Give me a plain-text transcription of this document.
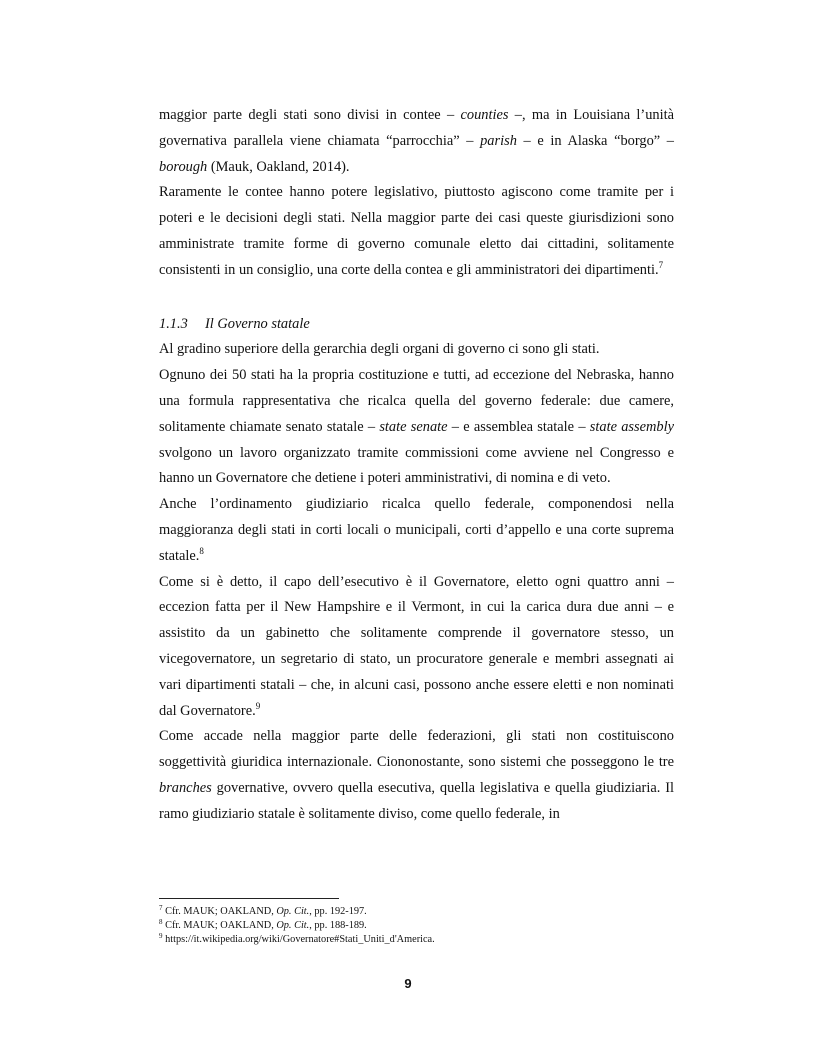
maggior parte degli stati sono divisi in contee – counties –, ma in Louisiana l’unità governativa parallela viene chiamata “parrocchia” – parish – e in Alaska “borgo” – borough (Mauk, Oakland, 2014).

Raramente le contee hanno potere legislativo, piuttosto agiscono come tramite per i poteri e le decisioni degli stati. Nella maggior parte dei casi queste giurisdizioni sono amministrate tramite forme di governo comunale eletto dai cittadini, solitamente consistenti in un consiglio, una corte della contea e gli amministratori dei dipartimenti.$^7$

1.1.3 Il Governo statale

Al gradino superiore della gerarchia degli organi di governo ci sono gli stati.

Ognuno dei 50 stati ha la propria costituzione e tutti, ad eccezione del Nebraska, hanno una formula rappresentativa che ricalca quella del governo federale: due camere, solitamente chiamate senato statale – state senate – e assemblea statale – state assembly svolgono un lavoro organizzato tramite commissioni come avviene nel Congresso e hanno un Governatore che detiene i poteri amministrativi, di nomina e di veto.

Anche l’ordinamento giudiziario ricalca quello federale, componendosi nella maggioranza degli stati in corti locali o municipali, corti d’appello e una corte suprema statale.$^8$

Come si è detto, il capo dell’esecutivo è il Governatore, eletto ogni quattro anni – eccezion fatta per il New Hampshire e il Vermont, in cui la carica dura due anni – e assistito da un gabinetto che solitamente comprende il governatore stesso, un vicegovernatore, un segretario di stato, un procuratore generale e membri assegnati ai vari dipartimenti statali – che, in alcuni casi, possono anche essere eletti e non nominati dal Governatore.$^9$

Come accade nella maggior parte delle federazioni, gli stati non costituiscono soggettività giuridica internazionale. Ciononostante, sono sistemi che posseggono le tre branches governative, ovvero quella esecutiva, quella legislativa e quella giudiziaria. Il ramo giudiziario statale è solitamente diviso, come quello federale, in

$^7$ Cfr. MAUK; OAKLAND, Op. Cit., pp. 192-197.

$^8$ Cfr. MAUK; OAKLAND, Op. Cit., pp. 188-189.

$^9$ https://it.wikipedia.org/wiki/Governatore#Stati_Uniti_d'America.

9
